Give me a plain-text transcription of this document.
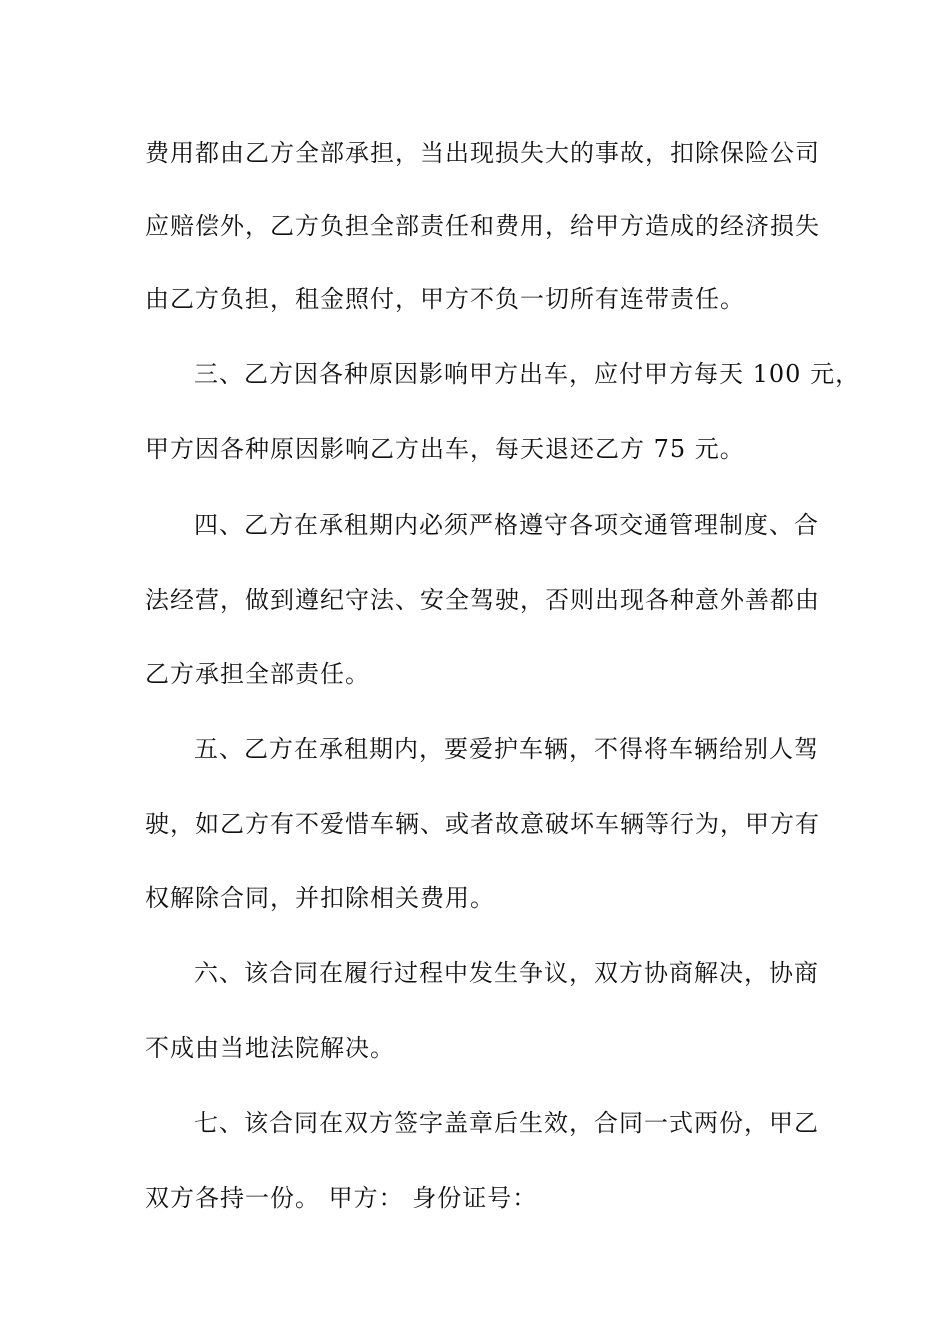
费用都由乙方全部承担，当出现损失大的事故，扣除保险公司
应赔偿外，乙方负担全部责任和费用，给甲方造成的经济损失
由乙方负担，租金照付，甲方不负一切所有连带责任。
三、乙方因各种原因影响甲方出车，应付甲方每天 100 元，
甲方因各种原因影响乙方出车，每天退还乙方 75 元。
四、乙方在承租期内必须严格遵守各项交通管理制度、合
法经营，做到遵纪守法、安全驾驶，否则出现各种意外善都由
乙方承担全部责任。
五、乙方在承租期内，要爱护车辆，不得将车辆给别人驾
驶，如乙方有不爱惜车辆、或者故意破坏车辆等行为，甲方有
权解除合同，并扣除相关费用。
六、该合同在履行过程中发生争议，双方协商解决，协商
不成由当地法院解决。
七、该合同在双方签字盖章后生效，合同一式两份，甲乙
双方各持一份。 甲方： 身份证号：
